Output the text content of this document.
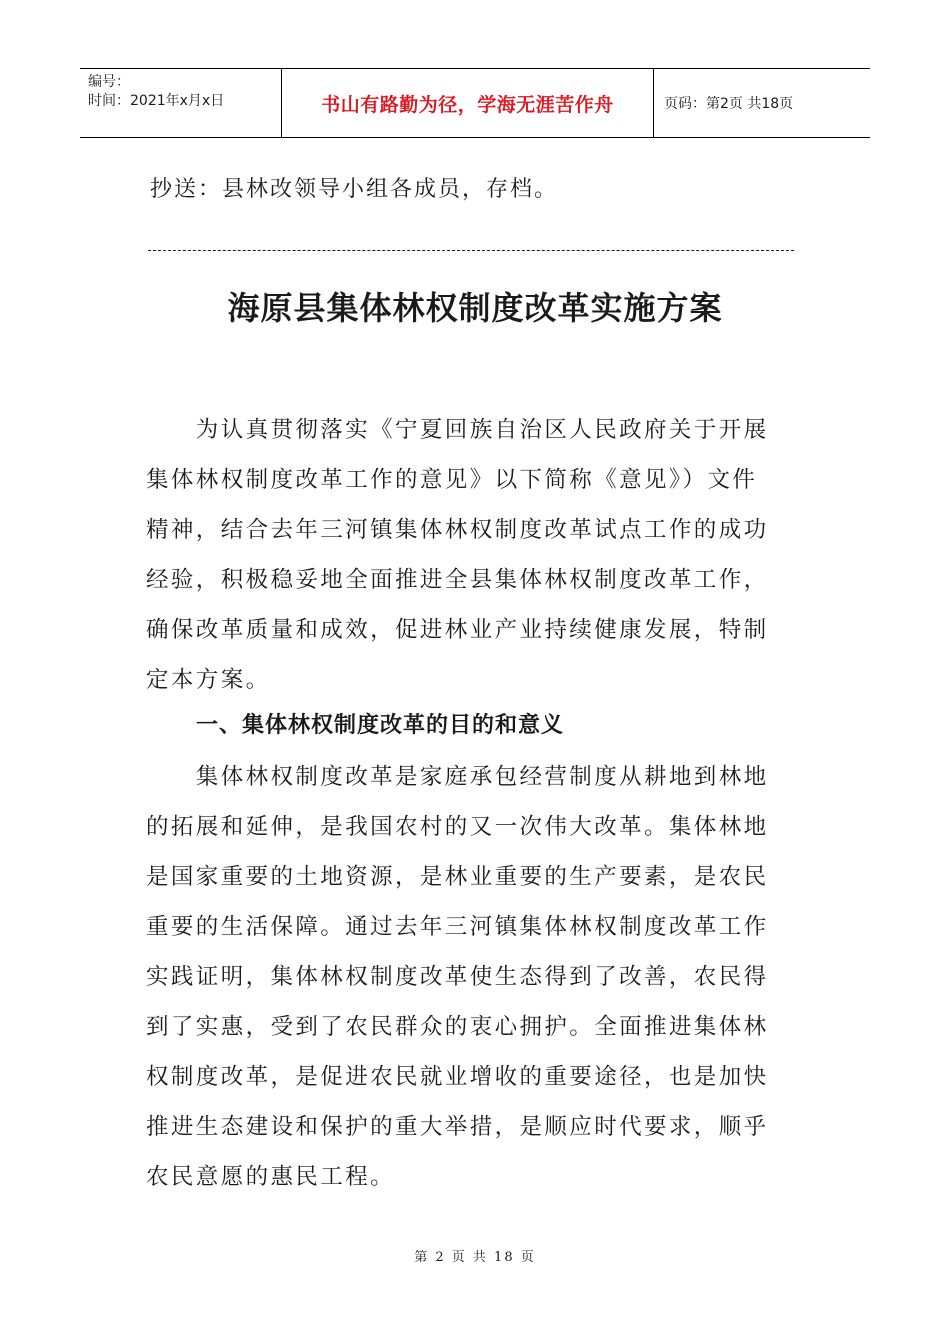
编号：
时间：2021年x月x日	书山有路勤为径，学海无涯苦作舟	页码：第2页 共18页
抄送：县林改领导小组各成员，存档。
海原县集体林权制度改革实施方案
　　为认真贯彻落实《宁夏回族自治区人民政府关于开展
集体林权制度改革工作的意见》以下简称《意见》）文件
精神，结合去年三河镇集体林权制度改革试点工作的成功
经验，积极稳妥地全面推进全县集体林权制度改革工作，
确保改革质量和成效，促进林业产业持续健康发展，特制
定本方案。
一、集体林权制度改革的目的和意义
　　集体林权制度改革是家庭承包经营制度从耕地到林地
的拓展和延伸，是我国农村的又一次伟大改革。集体林地
是国家重要的土地资源，是林业重要的生产要素，是农民
重要的生活保障。通过去年三河镇集体林权制度改革工作
实践证明，集体林权制度改革使生态得到了改善，农民得
到了实惠，受到了农民群众的衷心拥护。全面推进集体林
权制度改革，是促进农民就业增收的重要途径，也是加快
推进生态建设和保护的重大举措，是顺应时代要求，顺乎
农民意愿的惠民工程。
第 2 页 共 18 页
